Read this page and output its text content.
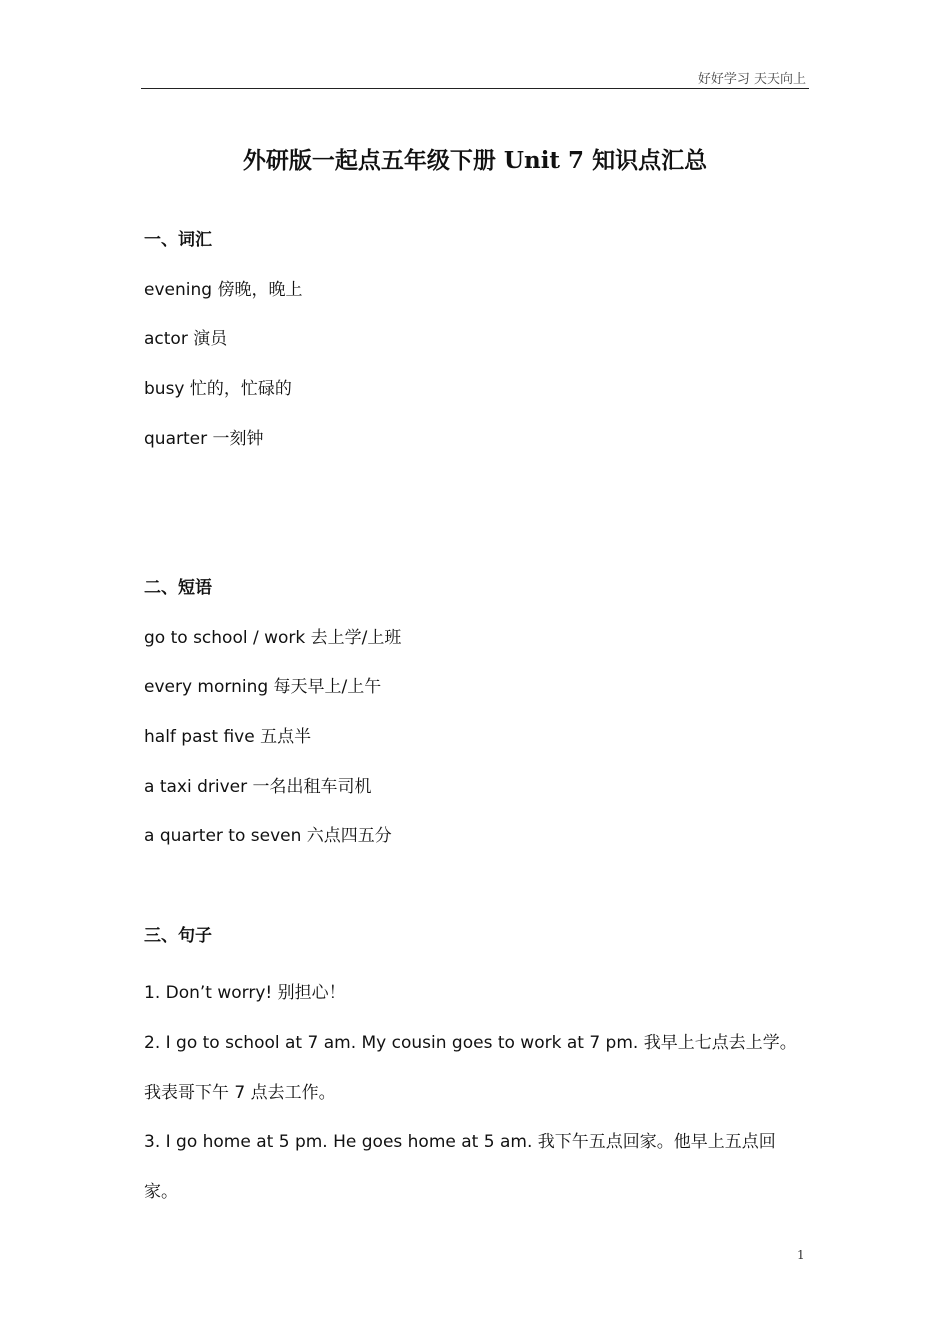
好好学习 天天向上
外研版一起点五年级下册 Unit 7 知识点汇总
一、词汇
evening 傍晚，晚上
actor 演员
busy 忙的，忙碌的
quarter 一刻钟
二、短语
go to school / work 去上学/上班
every morning 每天早上/上午
half past five 五点半
a taxi driver 一名出租车司机
a quarter to seven 六点四五分
三、句子

1. Don’t worry! 别担心！

2. I go to school at 7 am. My cousin goes to work at 7 pm. 我早上七点去上学。我表哥下午 7 点去工作。

3. I go home at 5 pm. He goes home at 5 am. 我下午五点回家。他早上五点回家。

1
